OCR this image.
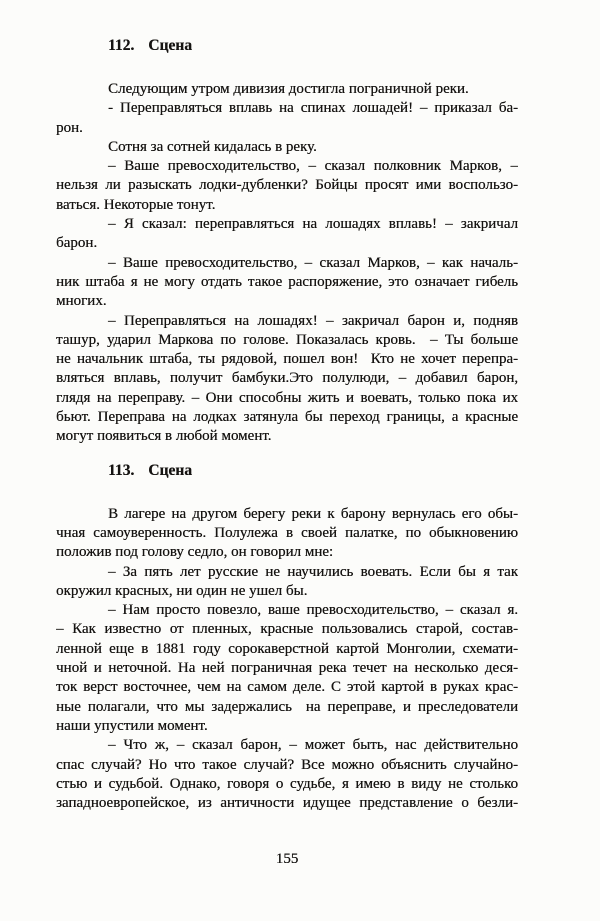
112. Сцена
Следующим утром дивизия достигла пограничной реки.
- Переправляться вплавь на спинах лошадей! – приказал ба-
рон.
Сотня за сотней кидалась в реку.
– Ваше превосходительство, – сказал полковник Марков, –
нельзя ли разыскать лодки-дубленки? Бойцы просят ими воспользо-
ваться. Некоторые тонут.
– Я сказал: переправляться на лошадях вплавь! – закричал
барон.
– Ваше превосходительство, – сказал Марков, – как началь-
ник штаба я не могу отдать такое распоряжение, это означает гибель
многих.
– Переправляться на лошадях! – закричал барон и, подняв
ташур, ударил Маркова по голове. Показалась кровь.  – Ты больше
не начальник штаба, ты рядовой, пошел вон!  Кто не хочет перепра-
вляться вплавь, получит бамбуки.Это полулюди, – добавил барон,
глядя на переправу. – Они способны жить и воевать, только пока их
бьют. Переправа на лодках затянула бы переход границы, а красные
могут появиться в любой момент.
113. Сцена
В лагере на другом берегу реки к барону вернулась его обы-
чная самоуверенность. Полулежа в своей палатке, по обыкновению
положив под голову седло, он говорил мне:
– За пять лет русские не научились воевать. Если бы я так
окружил красных, ни один не ушел бы.
– Нам просто повезло, ваше превосходительство, – сказал я.
– Как известно от пленных, красные пользовались старой, состав-
ленной еще в 1881 году сорокаверстной картой Монголии, схемати-
чной и неточной. На ней пограничная река течет на несколько деся-
ток верст восточнее, чем на самом деле. С этой картой в руках крас-
ные полагали, что мы задержались  на переправе, и преследователи
наши упустили момент.
– Что ж, – сказал барон, – может быть, нас действительно
спас случай? Но что такое случай? Все можно объяснить случайно-
стью и судьбой. Однако, говоря о судьбе, я имею в виду не столько
западноевропейское, из античности идущее представление о безли-
155
